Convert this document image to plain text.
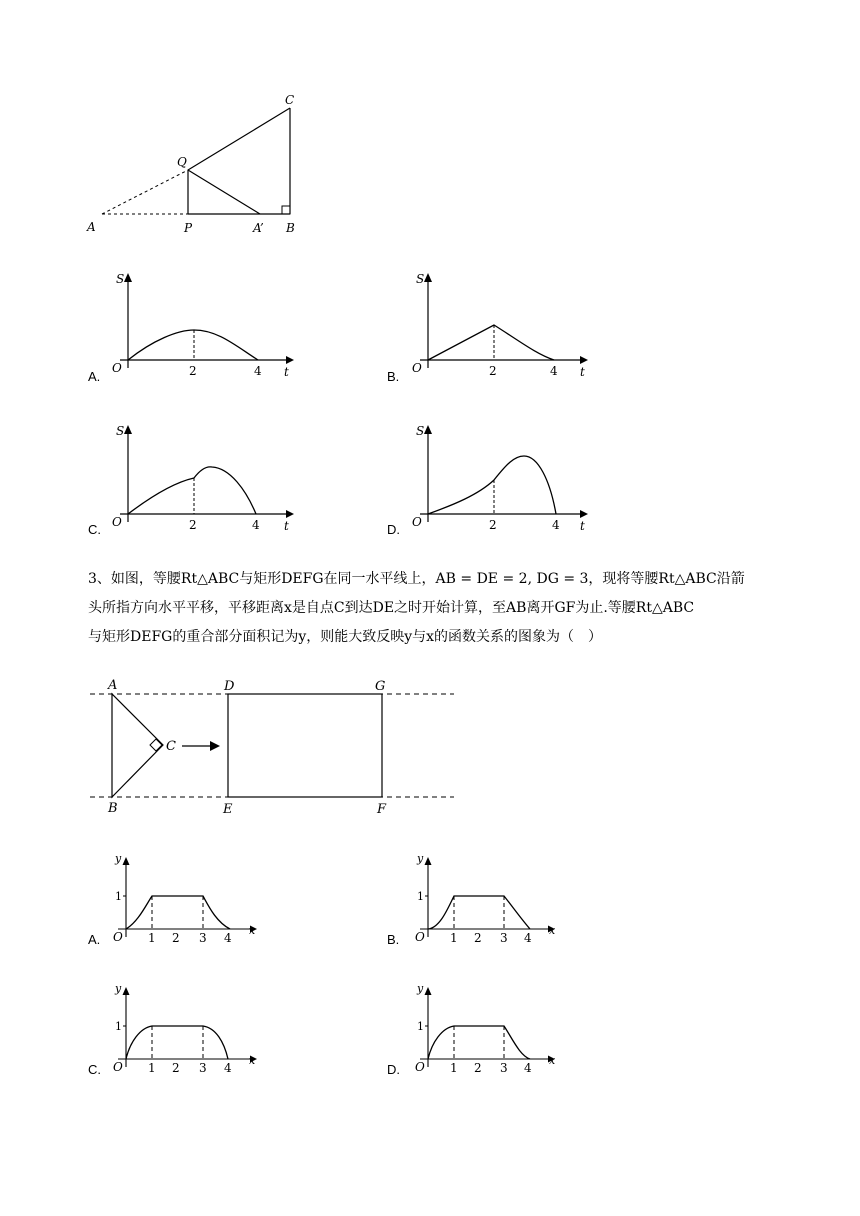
C
Q
A	P	A’ B
A.
S
O	2	4 t	B.
S
O	2	4 t
C.
S
O	2	4 t	D.
S
O	2	4 t
3、如图，等腰Rt△ABC与矩形DEFG在同一水平线上，AB = DE = 2, DG = 3，现将等腰Rt△ABC沿箭
头所指方向水平平移，平移距离x是自点C到达DE之时开始计算，至AB离开GF为止.等腰Rt△ABC
与矩形DEFG的重合部分面积记为y，则能大致反映y与x的函数关系的图象为（　）
A
B
C
D
E	F
G
A.
y
1
O 1 2 3 4
x
B.
y
1
O 1 2 3 4
x
C.
y
1
O 1 2 3 4
x
D.
y
1
O 1 2 3 4
x
